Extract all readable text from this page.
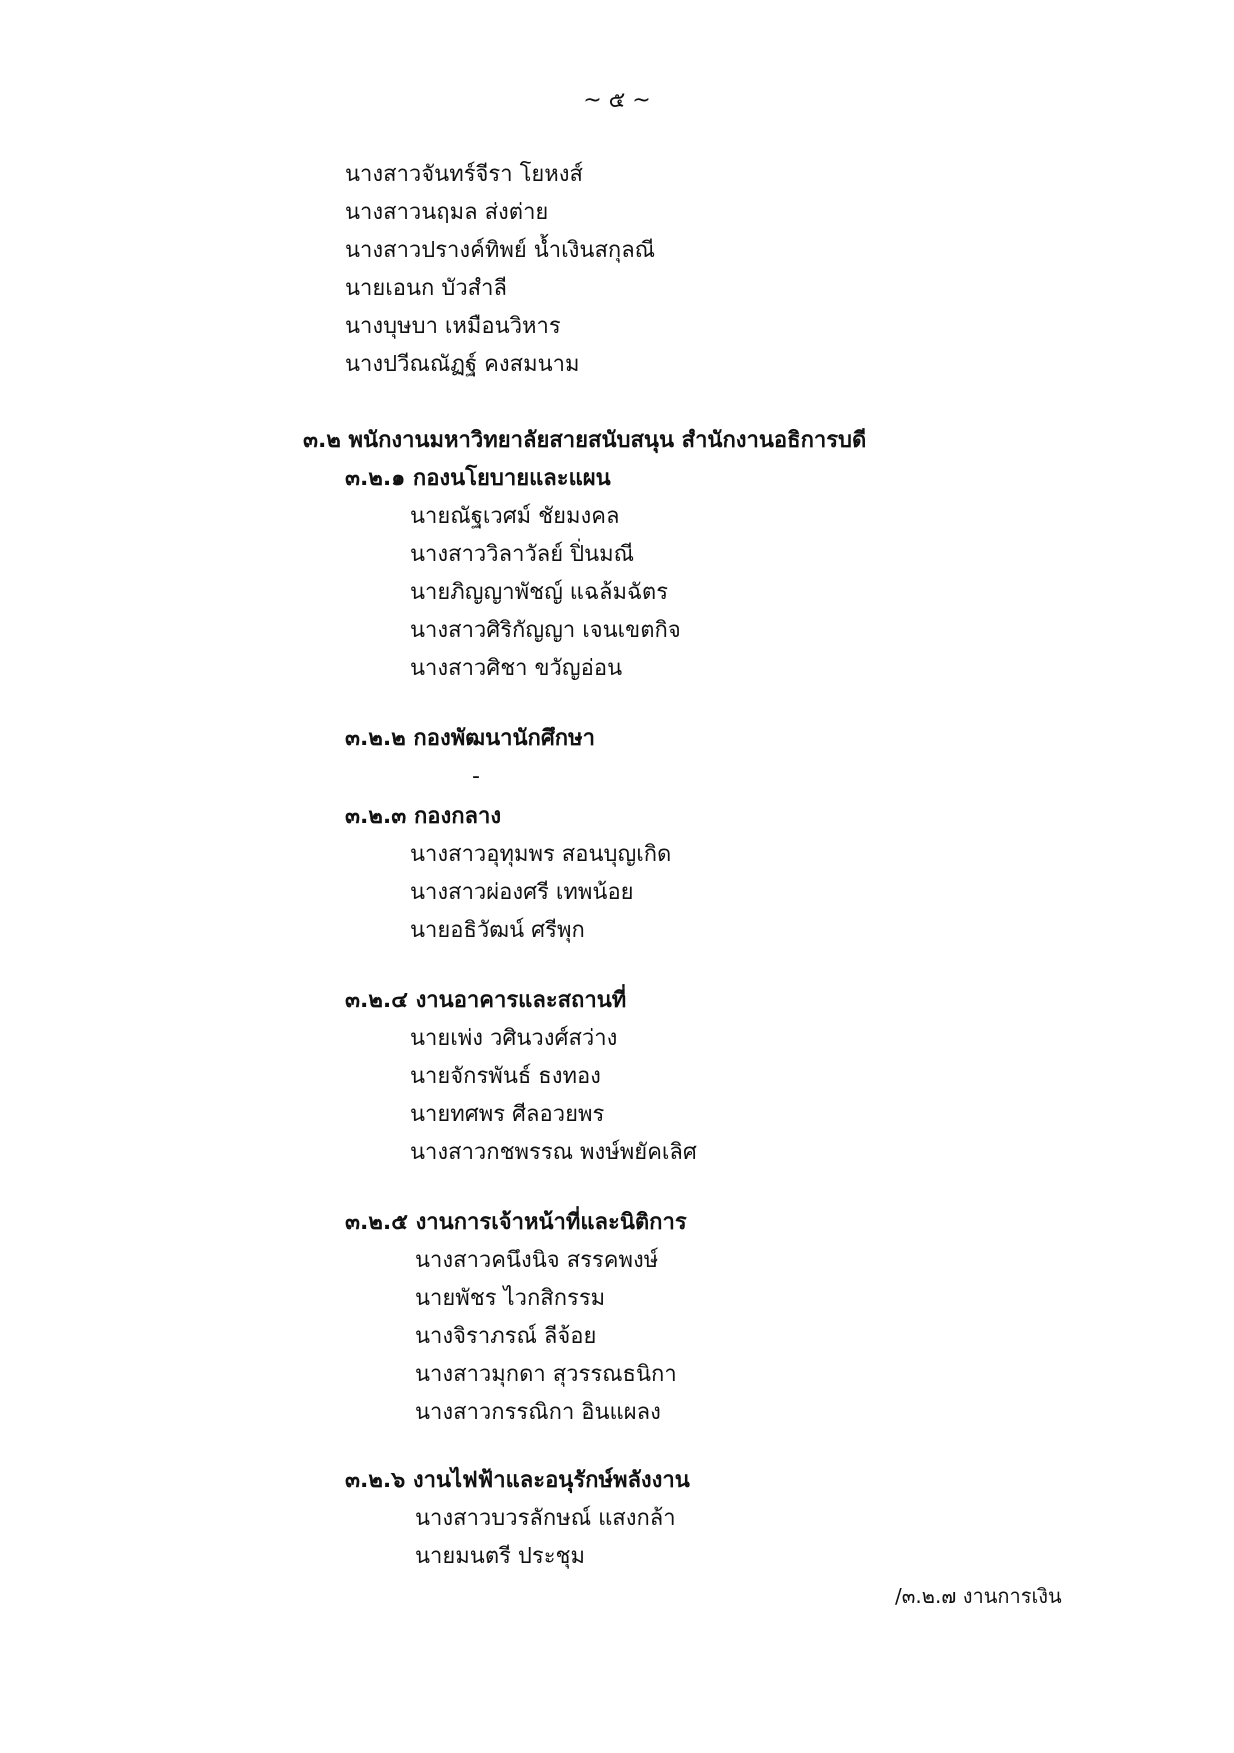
~ ๕ ~
นางสาวจันทร์จีรา โยหงส์
นางสาวนฤมล ส่งต่าย
นางสาวปรางค์ทิพย์ น้ำเงินสกุลณี
นายเอนก บัวสำลี
นางบุษบา เหมือนวิหาร
นางปวีณณัฏฐ์ คงสมนาม
๓.๒ พนักงานมหาวิทยาลัยสายสนับสนุน สำนักงานอธิการบดี
๓.๒.๑ กองนโยบายและแผน
นายณัฐเวศม์ ชัยมงคล
นางสาววิลาวัลย์ ปิ่นมณี
นายภิญญาพัชญ์ แฉล้มฉัตร
นางสาวศิริกัญญา เจนเขตกิจ
นางสาวศิชา ขวัญอ่อน
๓.๒.๒ กองพัฒนานักศึกษา
-
๓.๒.๓ กองกลาง
นางสาวอุทุมพร สอนบุญเกิด
นางสาวผ่องศรี เทพน้อย
นายอธิวัฒน์ ศรีพุก
๓.๒.๔ งานอาคารและสถานที่
นายเพ่ง วศินวงศ์สว่าง
นายจักรพันธ์ ธงทอง
นายทศพร ศีลอวยพร
นางสาวกชพรรณ พงษ์พยัคเลิศ
๓.๒.๕ งานการเจ้าหน้าที่และนิติการ
นางสาวคนึงนิจ สรรคพงษ์
นายพัชร ไวกสิกรรม
นางจิราภรณ์ ลีจ้อย
นางสาวมุกดา สุวรรณธนิกา
นางสาวกรรณิกา อินแผลง
๓.๒.๖ งานไฟฟ้าและอนุรักษ์พลังงาน
นางสาวบวรลักษณ์ แสงกล้า
นายมนตรี ประชุม
/๓.๒.๗ งานการเงิน
